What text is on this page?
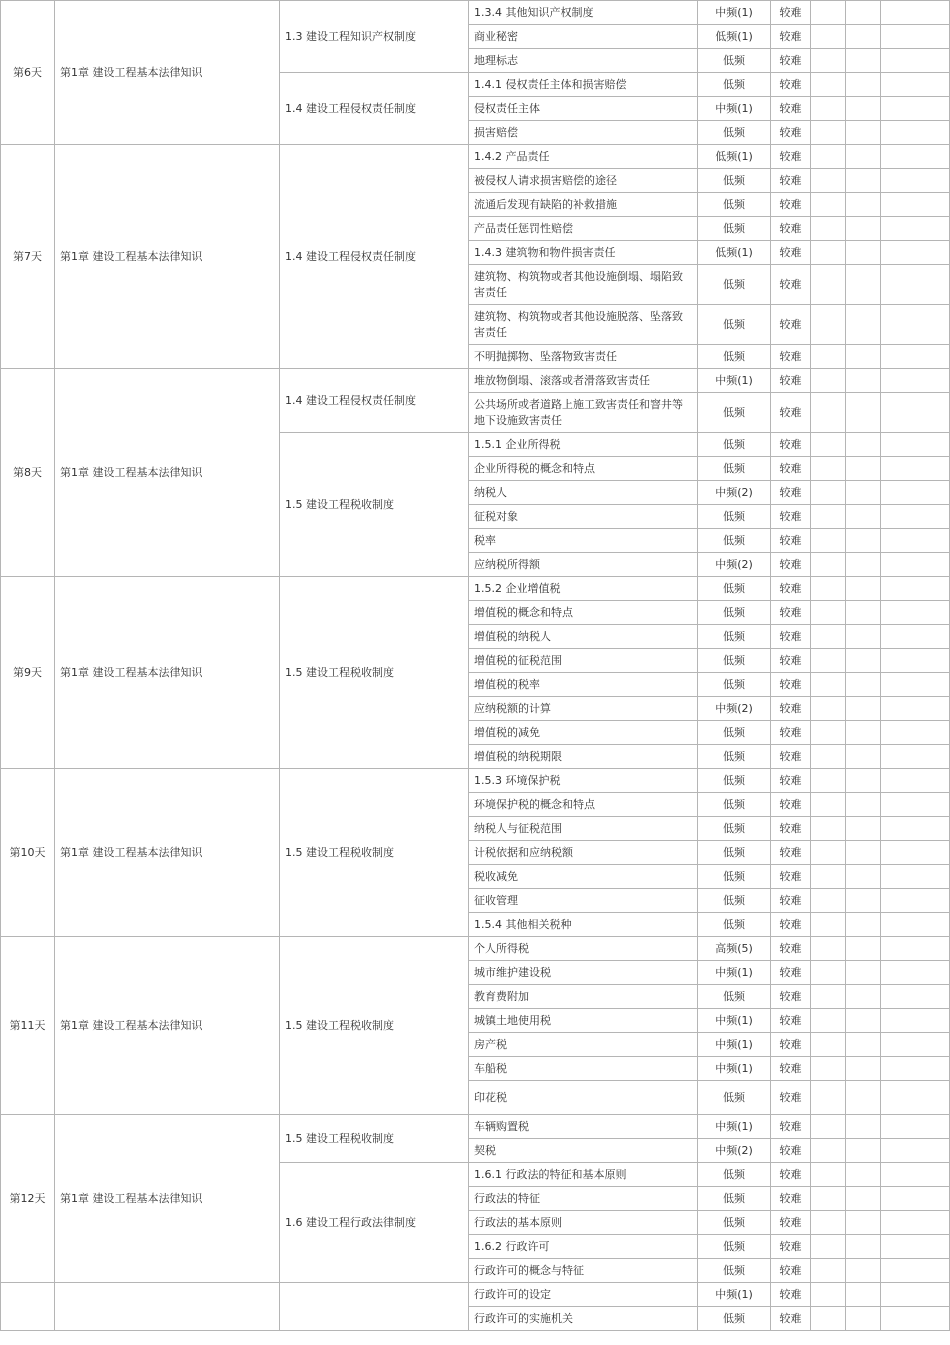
第6天	第1章 建设工程基本法律知识	1.3 建设工程知识产权制度	1.3.4 其他知识产权制度	中频(1)	较难			
			商业秘密	低频(1)	较难			
			地理标志	低频	较难			
		1.4 建设工程侵权责任制度	1.4.1 侵权责任主体和损害赔偿	低频	较难			
			侵权责任主体	中频(1)	较难			
			损害赔偿	低频	较难			
第7天	第1章 建设工程基本法律知识	1.4 建设工程侵权责任制度	1.4.2 产品责任	低频(1)	较难			
			被侵权人请求损害赔偿的途径	低频	较难			
			流通后发现有缺陷的补救措施	低频	较难			
			产品责任惩罚性赔偿	低频	较难			
			1.4.3 建筑物和物件损害责任	低频(1)	较难			
			建筑物、构筑物或者其他设施倒塌、塌陷致害责任	低频	较难			
			建筑物、构筑物或者其他设施脱落、坠落致害责任	低频	较难			
			不明抛掷物、坠落物致害责任	低频	较难			
第8天	第1章 建设工程基本法律知识	1.4 建设工程侵权责任制度	堆放物倒塌、滚落或者滑落致害责任	中频(1)	较难			
			公共场所或者道路上施工致害责任和窨井等地下设施致害责任	低频	较难			
		1.5 建设工程税收制度	1.5.1 企业所得税	低频	较难			
			企业所得税的概念和特点	低频	较难			
			纳税人	中频(2)	较难			
			征税对象	低频	较难			
			税率	低频	较难			
			应纳税所得额	中频(2)	较难			
第9天	第1章 建设工程基本法律知识	1.5 建设工程税收制度	1.5.2 企业增值税	低频	较难			
			增值税的概念和特点	低频	较难			
			增值税的纳税人	低频	较难			
			增值税的征税范围	低频	较难			
			增值税的税率	低频	较难			
			应纳税额的计算	中频(2)	较难			
			增值税的减免	低频	较难			
			增值税的纳税期限	低频	较难			
第10天	第1章 建设工程基本法律知识	1.5 建设工程税收制度	1.5.3 环境保护税	低频	较难			
			环境保护税的概念和特点	低频	较难			
			纳税人与征税范围	低频	较难			
			计税依据和应纳税额	低频	较难			
			税收减免	低频	较难			
			征收管理	低频	较难			
			1.5.4 其他相关税种	低频	较难			
第11天	第1章 建设工程基本法律知识	1.5 建设工程税收制度	个人所得税	高频(5)	较难			
			城市维护建设税	中频(1)	较难			
			教育费附加	低频	较难			
			城镇土地使用税	中频(1)	较难			
			房产税	中频(1)	较难			
			车船税	中频(1)	较难			
			印花税	低频	较难			
第12天	第1章 建设工程基本法律知识	1.5 建设工程税收制度	车辆购置税	中频(1)	较难			
			契税	中频(2)	较难			
		1.6 建设工程行政法律制度	1.6.1 行政法的特征和基本原则	低频	较难			
			行政法的特征	低频	较难			
			行政法的基本原则	低频	较难			
			1.6.2 行政许可	低频	较难			
			行政许可的概念与特征	低频	较难			
			行政许可的设定	中频(1)	较难			
			行政许可的实施机关	低频	较难			
